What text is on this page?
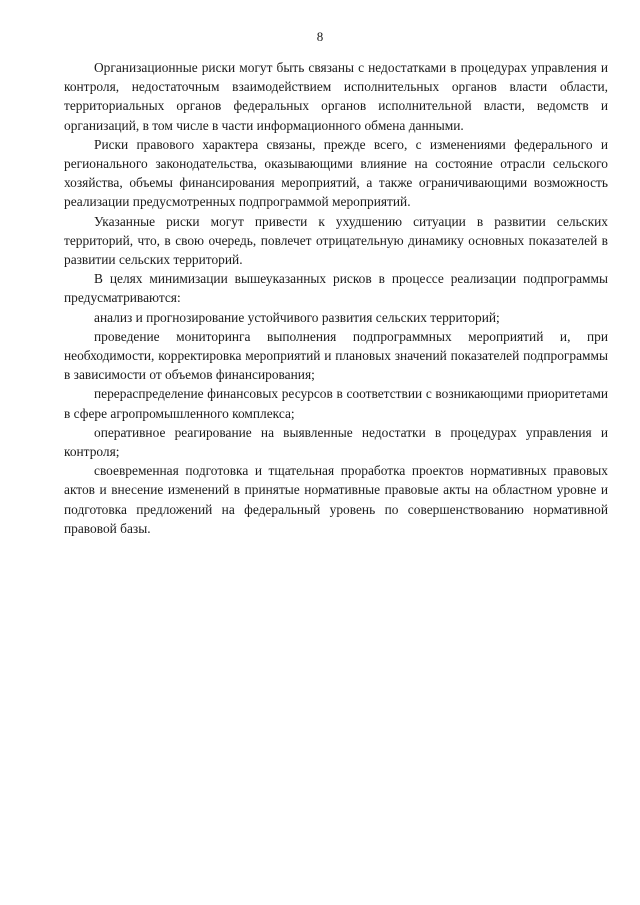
8

Организационные риски могут быть связаны с недостатками в процедурах управления и контроля, недостаточным взаимодействием исполнительных органов власти области, территориальных органов федеральных органов исполнительной власти, ведомств и организаций, в том числе в части информационного обмена данными.

Риски правового характера связаны, прежде всего, с изменениями федерального и регионального законодательства, оказывающими влияние на состояние отрасли сельского хозяйства, объемы финансирования мероприятий, а также ограничивающими возможность реализации предусмотренных подпрограммой мероприятий.

Указанные риски могут привести к ухудшению ситуации в развитии сельских территорий, что, в свою очередь, повлечет отрицательную динамику основных показателей в развитии сельских территорий.

В целях минимизации вышеуказанных рисков в процессе реализации подпрограммы предусматриваются:

анализ и прогнозирование устойчивого развития сельских территорий;

проведение мониторинга выполнения подпрограммных мероприятий и, при необходимости, корректировка мероприятий и плановых значений показателей подпрограммы в зависимости от объемов финансирования;

перераспределение финансовых ресурсов в соответствии с возникающими приоритетами в сфере агропромышленного комплекса;

оперативное реагирование на выявленные недостатки в процедурах управления и контроля;

своевременная подготовка и тщательная проработка проектов нормативных правовых актов и внесение изменений в принятые нормативные правовые акты на областном уровне и подготовка предложений на федеральный уровень по совершенствованию нормативной правовой базы.
